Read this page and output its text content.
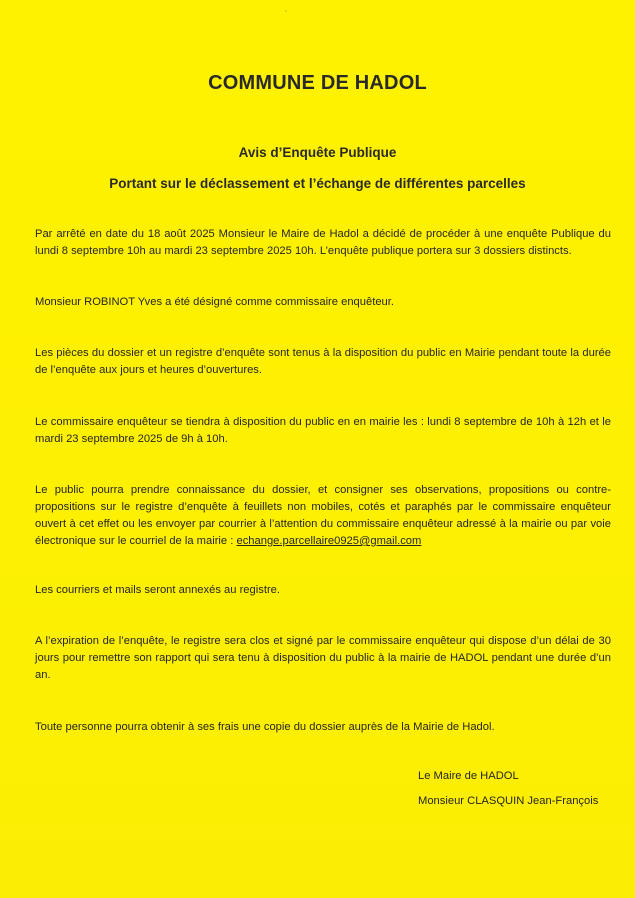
COMMUNE DE HADOL
Avis d’Enquête Publique
Portant sur le déclassement et l’échange de différentes parcelles
Par arrêté en date du 18 août 2025 Monsieur le Maire de Hadol a décidé de procéder à une enquête Publique du lundi 8 septembre 10h au mardi 23 septembre 2025 10h. L’enquête publique portera sur 3 dossiers distincts.
Monsieur ROBINOT Yves a été désigné comme commissaire enquêteur.
Les pièces du dossier et un registre d’enquête sont tenus à la disposition du public en Mairie pendant toute la durée de l’enquête aux jours et heures d’ouvertures.
Le commissaire enquêteur se tiendra à disposition du public en en mairie les : lundi 8 septembre de 10h à 12h et le mardi 23 septembre 2025 de 9h à 10h.
Le public pourra prendre connaissance du dossier, et consigner ses observations, propositions ou contre-propositions sur le registre d’enquête à feuillets non mobiles, cotés et paraphés par le commissaire enquêteur ouvert à cet effet ou les envoyer par courrier à l’attention du commissaire enquêteur adressé à la mairie ou par voie électronique sur le courriel de la mairie : echange.parcellaire0925@gmail.com
Les courriers et mails seront annexés au registre.
A l’expiration de l’enquête, le registre sera clos et signé par le commissaire enquêteur qui dispose d’un délai de 30 jours pour remettre son rapport qui sera tenu à disposition du public à la mairie de HADOL pendant une durée d’un an.
Toute personne pourra obtenir à ses frais une copie du dossier auprès de la Mairie de Hadol.
Le Maire de HADOL
Monsieur CLASQUIN Jean-François
